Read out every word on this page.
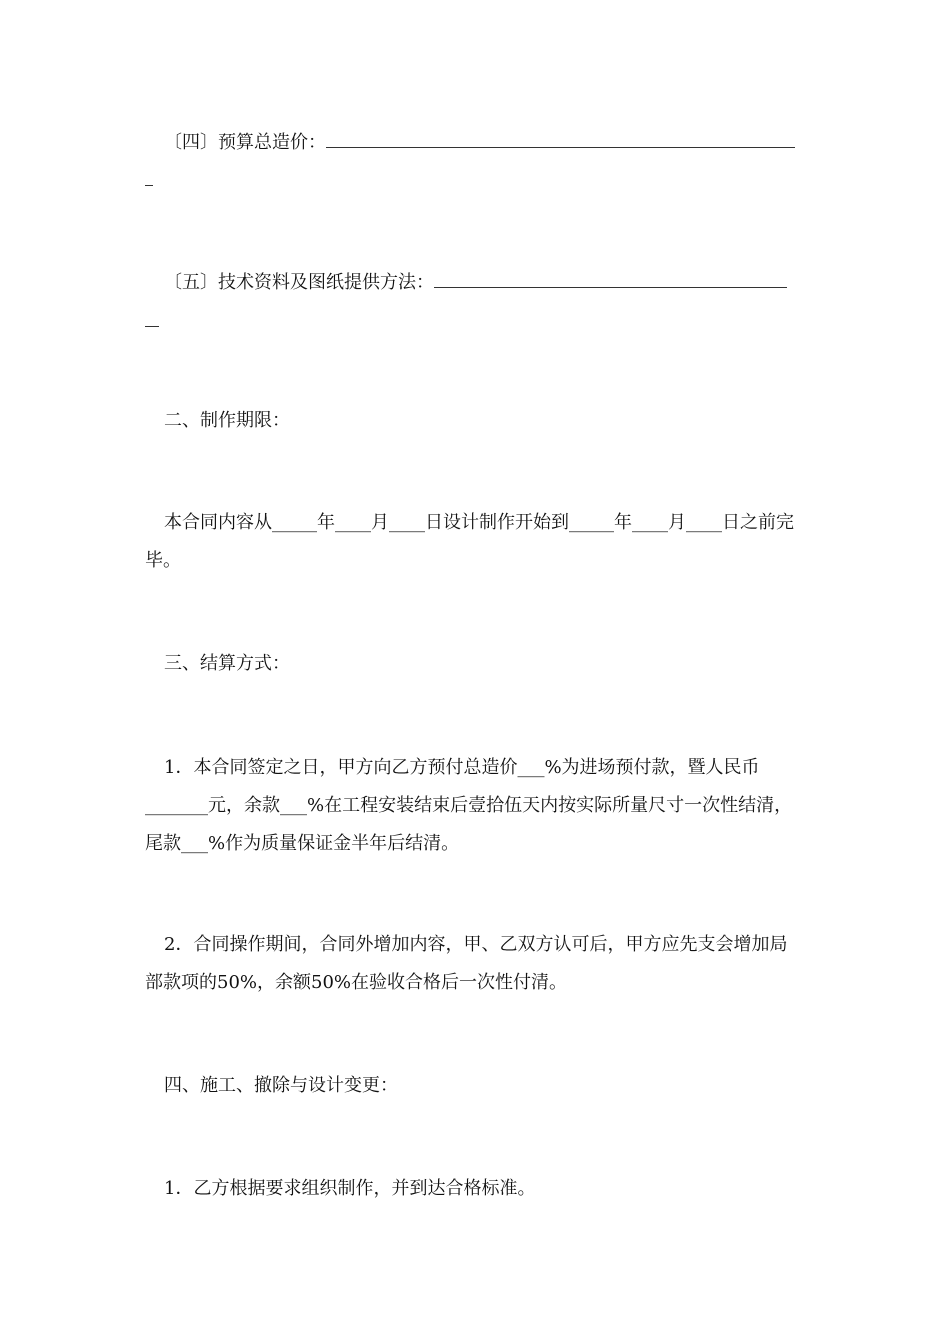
〔四〕预算总造价：
〔五〕技术资料及图纸提供方法：
二、制作期限：
本合同内容从_____年____月____日设计制作开始到_____年____月____日之前完毕。
三、结算方式：
1．本合同签定之日，甲方向乙方预付总造价___%为进场预付款，暨人民币_______元，余款___%在工程安装结束后壹拾伍天内按实际所量尺寸一次性结清，尾款___%作为质量保证金半年后结清。
2．合同操作期间，合同外增加内容，甲、乙双方认可后，甲方应先支会增加局部款项的50%，余额50%在验收合格后一次性付清。
四、施工、撤除与设计变更：
1．乙方根据要求组织制作，并到达合格标准。
